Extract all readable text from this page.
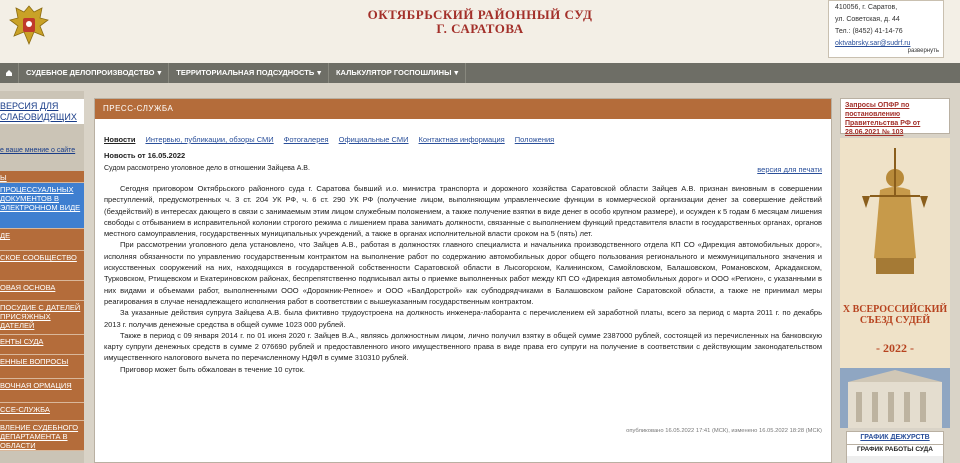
ОКТЯБРЬСКИЙ РАЙОННЫЙ СУД
Г. САРАТОВА
410056, г. Саратов,
ул. Советская, д. 44
Тел.: (8452) 41-14-76
oktvabrsky.sar@sudrf.ru
развернуть
СУДЕБНОЕ ДЕЛОПРОИЗВОДСТВО ▾ ТЕРРИТОРИАЛЬНАЯ ПОДСУДНОСТЬ ▾ КАЛЬКУЛЯТОР ГОСПОШЛИНЫ ▾
ВЕРСИЯ ДЛЯ
СЛАБОВИДЯЩИХ
е ваше мнение о сайте
Ы
ПРОЦЕССУАЛЬНЫХ ДОКУМЕНТОВ В ЭЛЕКТРОННОМ ВИДЕ
ДЕ
СКОЕ СООБЩЕСТВО
ОВАЯ ОСНОВА
ПОСУДИЕ С ДАТЕЛЕЙ ПРИСЯЖНЫХ ДАТЕЛЕЙ
ЕНТЫ СУДА
ЕННЫЕ ВОПРОСЫ
ВОЧНАЯ ОРМАЦИЯ
ССЕ-СЛУЖБА
ВЛЕНИЕ СУДЕБНОГО ДЕПАРТАМЕНТА В ОБЛАСТИ
ПРЕСС-СЛУЖБА
Новости Интервью, публикации, обзоры СМИ Фотогалерея Официальные СМИ Контактная информация Положения
Новость от 16.05.2022
Судом рассмотрено уголовное дело в отношении Зайцева А.В.	версия для печати

Сегодня приговором Октябрьского районного суда г. Саратова бывший и.о. министра транспорта и дорожного хозяйства Саратовской области Зайцев А.В. признан виновным в совершении преступлений, предусмотренных ч. 3 ст. 204 УК РФ, ч. 6 ст. 290 УК РФ (получение лицом, выполняющим управленческие функции в коммерческой организации денег за совершение действий (бездействий) в интересах дающего в связи с занимаемым этим лицом служебным положением, а также получение взятки в виде денег в особо крупном размере), и осужден к 5 годам 6 месяцам лишения свободы с отбыванием в исправительной колонии строгого режима с лишением права занимать должности, связанные с выполнением функций представителя власти в государственных органах, органов местного самоуправления, государственных муниципальных учреждений, а также в органах исполнительной власти сроком на 5 (пять) лет.

При рассмотрении уголовного дела установлено, что Зайцев А.В., работая в должностях главного специалиста и начальника производственного отдела КП СО «Дирекция автомобильных дорог», исполняя обязанности по управлению государственным контрактом на выполнение работ по содержанию автомобильных дорог общего пользования регионального и межмуниципального значения и искусственных сооружений на них, находящихся в государственной собственности Саратовской области в Лысогорском, Калининском, Самойловском, Балашовском, Романовском, Аркадакском, Турковском, Ртищевском и Екатериновском районах, беспрепятственно подписывал акты о приемке выполненных работ между КП СО «Дирекция автомобильных дорог» и ООО «Регион», с указанными в них видами и объемами работ, выполненными ООО «Дорожник-Репное» и ООО «БалДорстрой» как субподрядчиками в Балашовском районе Саратовской области, а также не принимал меры реагирования в случае ненадлежащего исполнения работ в соответствии с вышеуказанным государственным контрактом.

За указанные действия супруга Зайцева А.В. была фиктивно трудоустроена на должность инженера-лаборанта с перечислением ей заработной платы, всего за период с марта 2011 г. по декабрь 2013 г. получив денежные средства в общей сумме 1023 000 рублей.

Также в период с 09 января 2014 г. по 01 июня 2020 г. Зайцев В.А., являясь должностным лицом, лично получил взятку в общей сумме 2387000 рублей, состоящей из перечисленных на банковскую карту супруги денежных средств в сумме 2 076690 рублей и предоставленного иного имущественного права в виде права его супруги на получение в соответствии с действующим законодательством имущественного налогового вычета по перечисленному НДФЛ в сумме 310310 рублей.

Приговор может быть обжалован в течение 10 суток.

опубликовано 16.05.2022 17:41 (МСК), изменено 16.05.2022 18:28 (МСК)
Запросы ОПФР по
постановлению
Правительства РФ от
28.06.2021 № 103
X ВСЕРОССИЙСКИЙ
СЪЕЗД СУДЕЙ
- 2022 -
ГРАФИК ДЕЖУРСТВ
ГРАФИК РАБОТЫ СУДА
